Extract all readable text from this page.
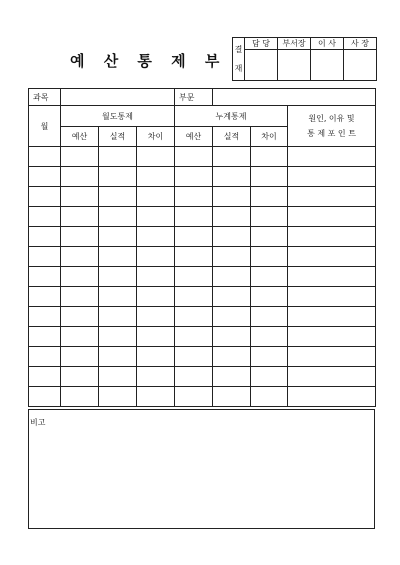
예 산 통 제 부
결
재	담 당	부서장	이 사	사 장

과목				부문			
월	월도통제			누계통제			원인, 이유 및
통 제 포 인 트

	예산	실적	차이	예산	실적	차이	

비고
